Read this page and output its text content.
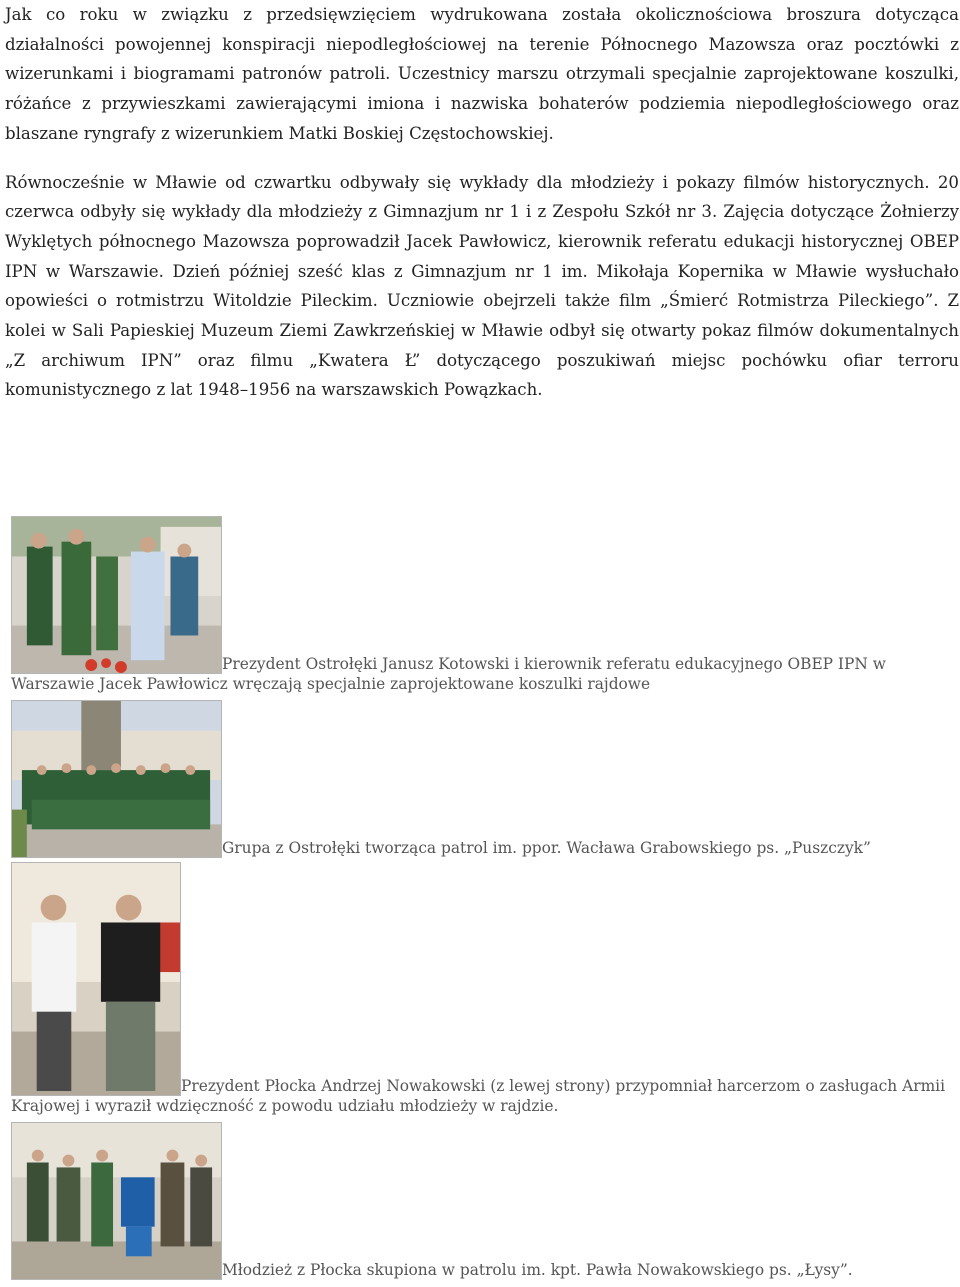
Jak co roku w związku z przedsięwzięciem wydrukowana została okolicznościowa broszura dotycząca działalności powojennej konspiracji niepodległościowej na terenie Północnego Mazowsza oraz pocztówki z wizerunkami i biogramami patronów patroli. Uczestnicy marszu otrzymali specjalnie zaprojektowane koszulki, różańce z przywieszkami zawierającymi imiona i nazwiska bohaterów podziemia niepodległościowego oraz blaszane ryngrafy z wizerunkiem Matki Boskiej Częstochowskiej.

Równocześnie w Mławie od czwartku odbywały się wykłady dla młodzieży i pokazy filmów historycznych. 20 czerwca odbyły się wykłady dla młodzieży z Gimnazjum nr 1 i z Zespołu Szkół nr 3. Zajęcia dotyczące Żołnierzy Wyklętych północnego Mazowsza poprowadził Jacek Pawłowicz, kierownik referatu edukacji historycznej OBEP IPN w Warszawie. Dzień później sześć klas z Gimnazjum nr 1 im. Mikołaja Kopernika w Mławie wysłuchało opowieści o rotmistrzu Witoldzie Pileckim. Uczniowie obejrzeli także film „Śmierć Rotmistrza Pileckiego”. Z kolei w Sali Papieskiej Muzeum Ziemi Zawkrzeńskiej w Mławie odbył się otwarty pokaz filmów dokumentalnych „Z archiwum IPN” oraz filmu „Kwatera Ł” dotyczącego poszukiwań miejsc pochówku ofiar terroru komunistycznego z lat 1948–1956 na warszawskich Powązkach.

Prezydent Ostrołęki Janusz Kotowski i kierownik referatu edukacyjnego OBEP IPN w Warszawie Jacek Pawłowicz wręczają specjalnie zaprojektowane koszulki rajdowe
Grupa z Ostrołęki tworząca patrol im. ppor. Wacława Grabowskiego ps. „Puszczyk”
Prezydent Płocka Andrzej Nowakowski (z lewej strony) przypomniał harcerzom o zasługach Armii Krajowej i wyraził wdzięczność z powodu udziału młodzieży w rajdzie.
Młodzież z Płocka skupiona w patrolu im. kpt. Pawła Nowakowskiego ps. „Łysy”.
